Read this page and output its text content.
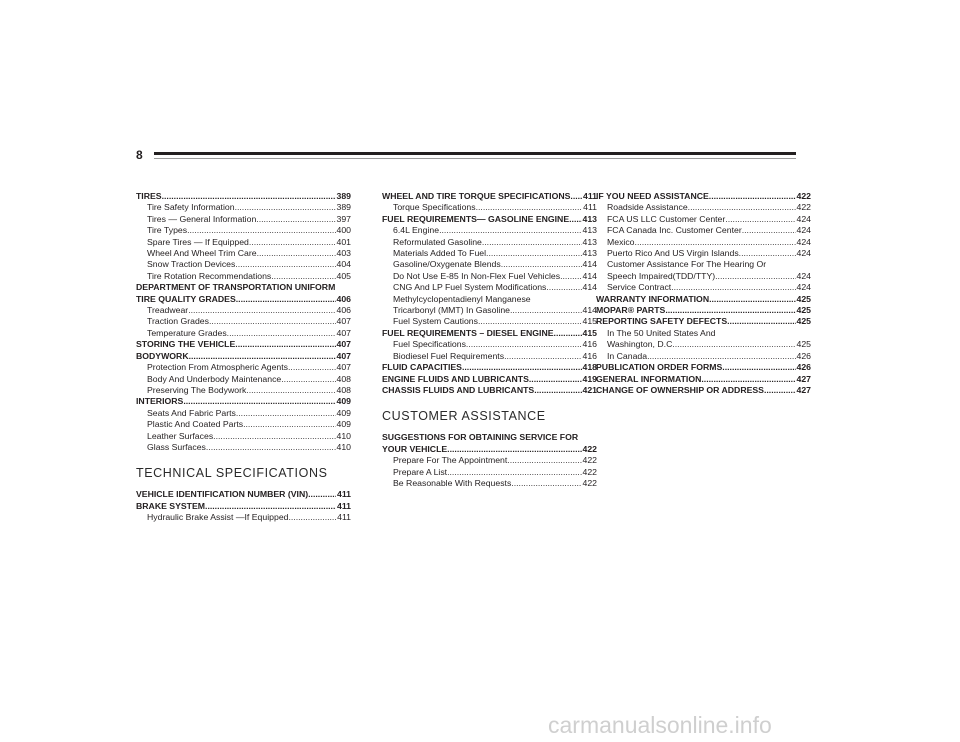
8
TIRES .....	389
Tire Safety Information .....	389
Tires — General Information .....	397
Tire Types .....	400
Spare Tires — If Equipped .....	401
Wheel And Wheel Trim Care .....	403
Snow Traction Devices .....	404
Tire Rotation Recommendations .....	405
DEPARTMENT OF TRANSPORTATION UNIFORM
TIRE QUALITY GRADES .....	406
Treadwear .....	406
Traction Grades .....	407
Temperature Grades .....	407
STORING THE VEHICLE .....	407
BODYWORK .....	407
Protection From Atmospheric Agents .....	407
Body And Underbody Maintenance .....	408
Preserving The Bodywork .....	408
INTERIORS .....	409
Seats And Fabric Parts .....	409
Plastic And Coated Parts .....	409
Leather Surfaces .....	410
Glass Surfaces .....	410
TECHNICAL SPECIFICATIONS
VEHICLE IDENTIFICATION NUMBER (VIN) .....	411
BRAKE SYSTEM .....	411
Hydraulic Brake Assist —If Equipped .....	411
WHEEL AND TIRE TORQUE SPECIFICATIONS ..... 411
Torque Specifications .....	411
FUEL REQUIREMENTS— GASOLINE ENGINE ..... 413
6.4L Engine .....	413
Reformulated Gasoline .....	413
Materials Added To Fuel .....	413
Gasoline/Oxygenate Blends .....	414
Do Not Use E-85 In Non-Flex Fuel Vehicles .....	414
CNG And LP Fuel System Modifications .....	414
Methylcyclopentadienyl Manganese
Tricarbonyl (MMT) In Gasoline .....	414
Fuel System Cautions .....	415
FUEL REQUIREMENTS – DIESEL ENGINE .....	415
Fuel Specifications .....	416
Biodiesel Fuel Requirements .....	416
FLUID CAPACITIES .....	418
ENGINE FLUIDS AND LUBRICANTS .....	419
CHASSIS FLUIDS AND LUBRICANTS .....	421
CUSTOMER ASSISTANCE
SUGGESTIONS FOR OBTAINING SERVICE FOR
YOUR VEHICLE .....	422
Prepare For The Appointment .....	422
Prepare A List .....	422
Be Reasonable With Requests .....	422
IF YOU NEED ASSISTANCE .....	422
Roadside Assistance .....	422
FCA US LLC Customer Center .....	424
FCA Canada Inc. Customer Center .....	424
Mexico .....	424
Puerto Rico And US Virgin Islands .....	424
Customer Assistance For The Hearing Or
Speech Impaired(TDD/TTY) .....	424
Service Contract .....	424
WARRANTY INFORMATION .....	425
MOPAR® PARTS .....	425
REPORTING SAFETY DEFECTS .....	425
In The 50 United States And
Washington, D.C. .....	425
In Canada .....	426
PUBLICATION ORDER FORMS .....	426
GENERAL INFORMATION .....	427
CHANGE OF OWNERSHIP OR ADDRESS .....	427
carmanualsonline.info
